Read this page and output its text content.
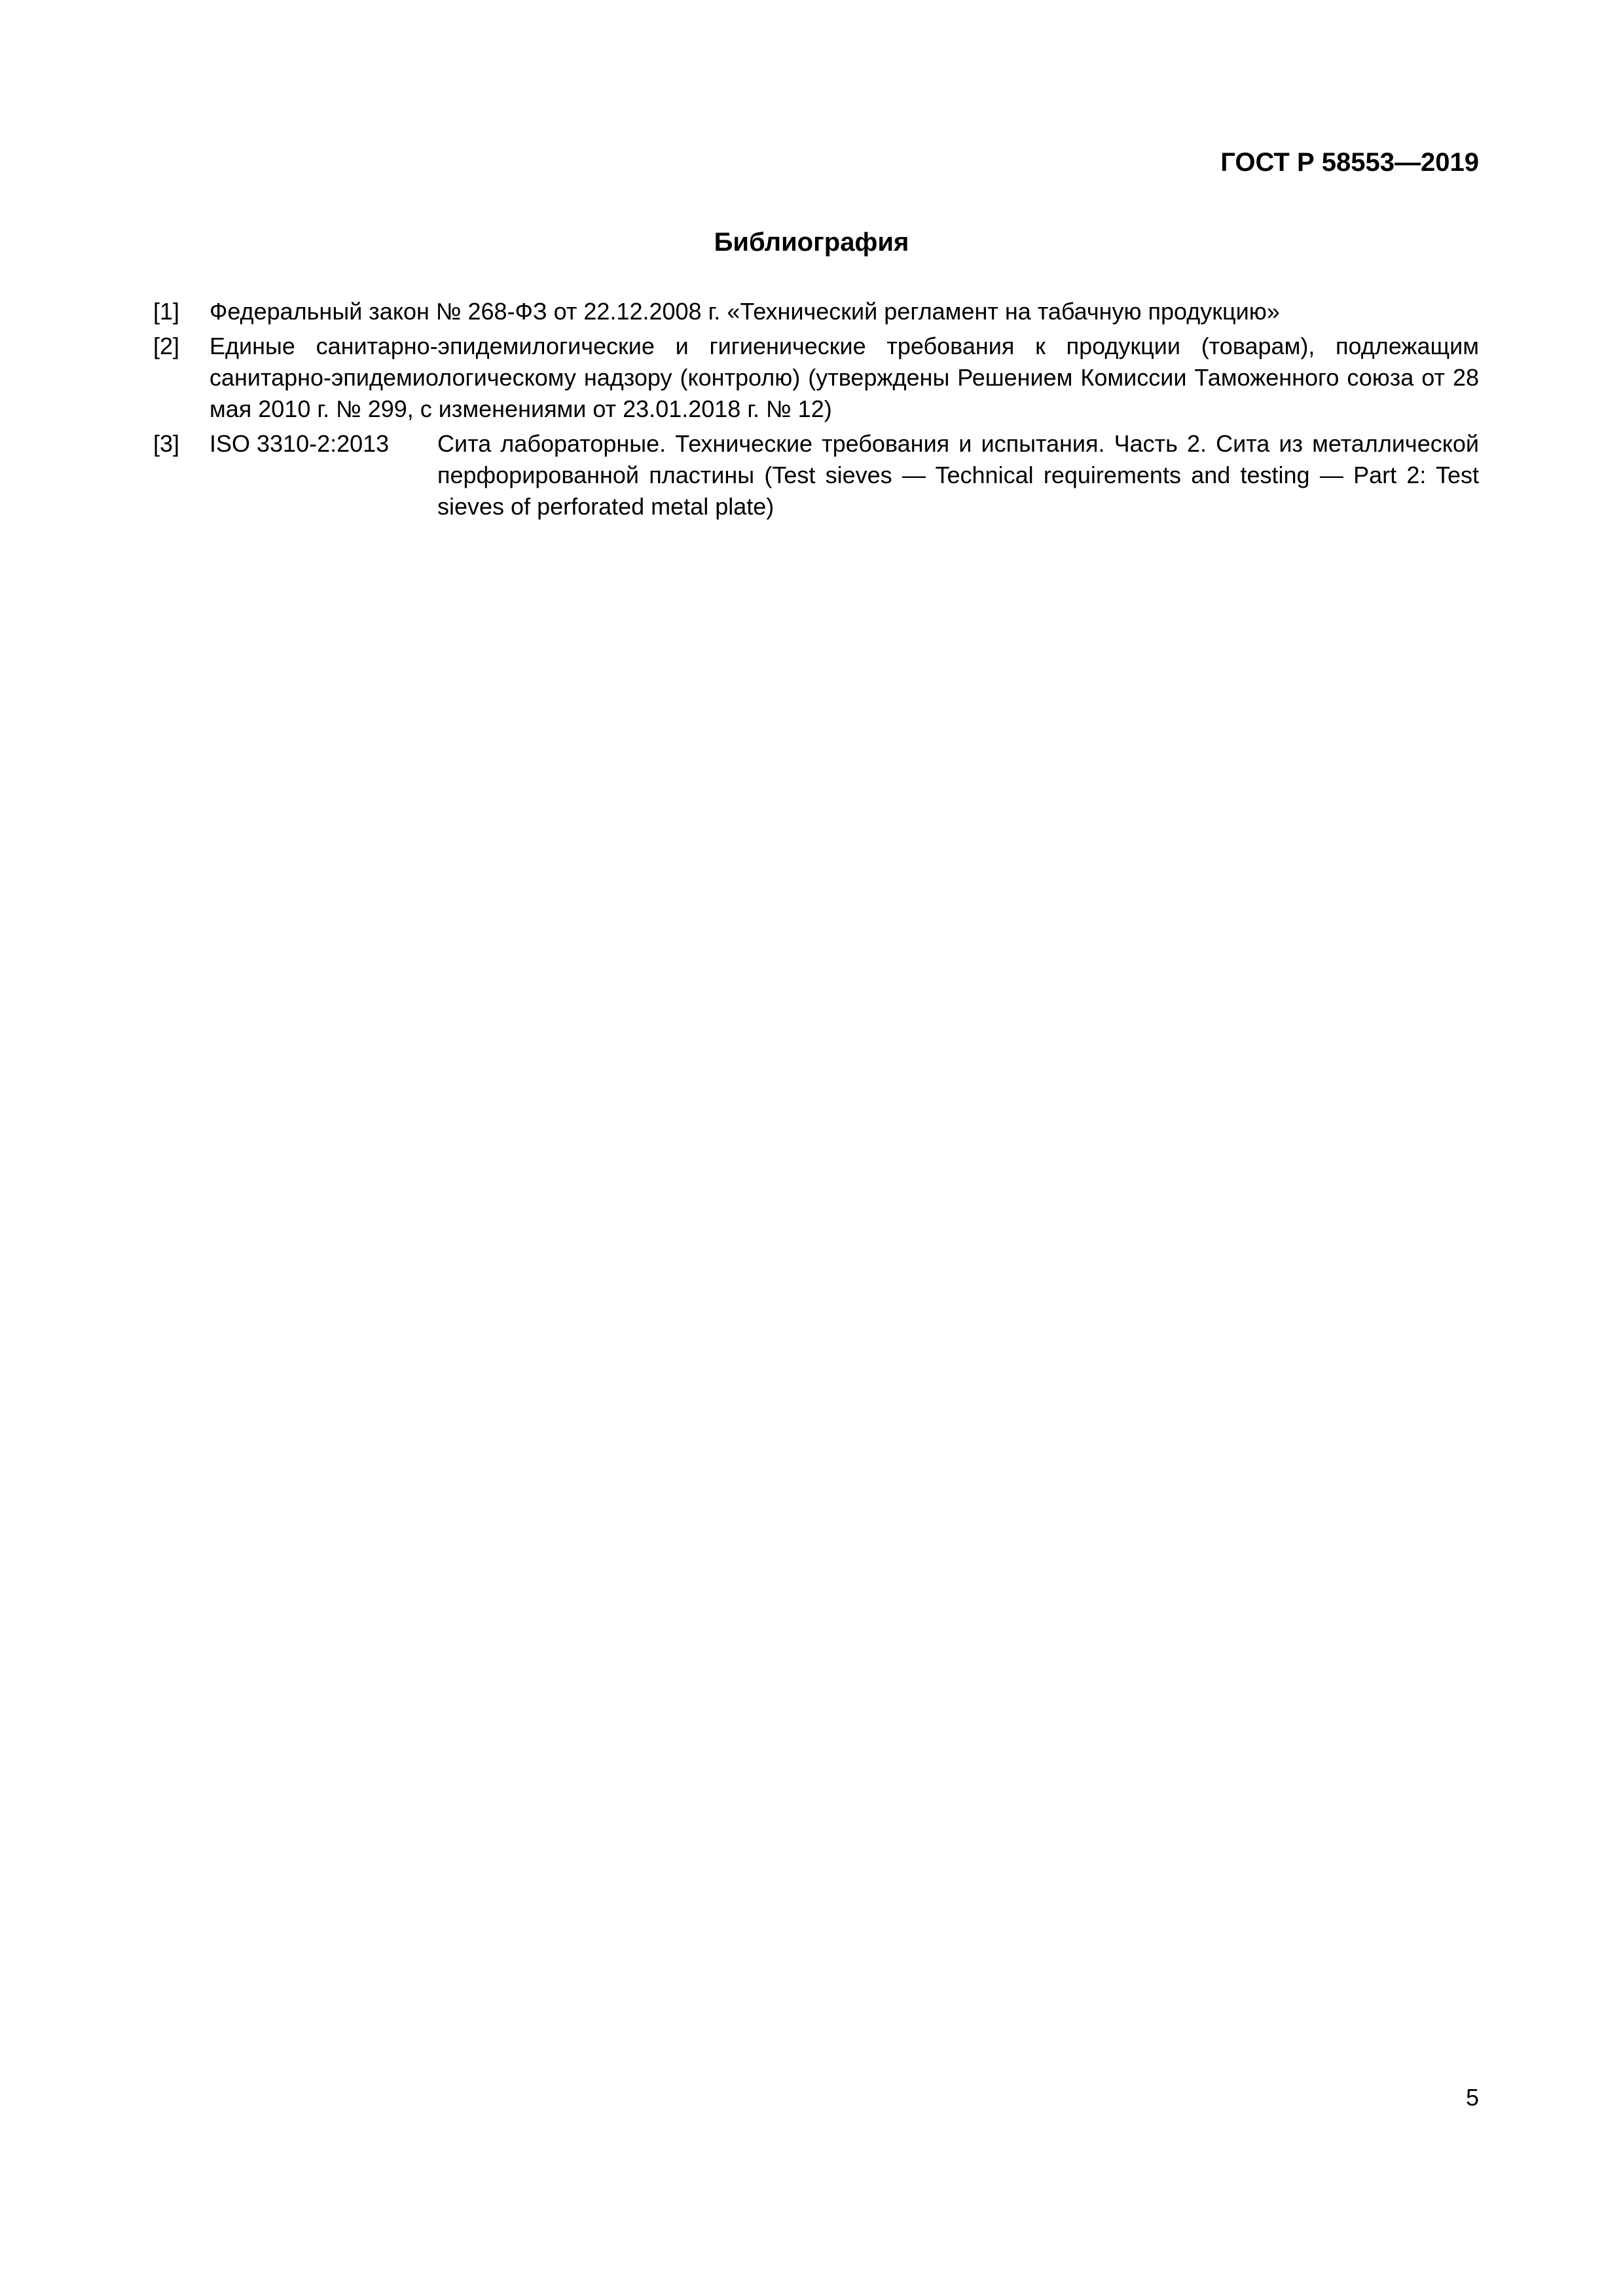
ГОСТ Р 58553—2019
Библиография
[1] Федеральный закон № 268-ФЗ от 22.12.2008 г. «Технический регламент на табачную продукцию»
[2] Единые санитарно-эпидемилогические и гигиенические требования к продукции (товарам), подлежащим санитарно-эпидемиологическому надзору (контролю) (утверждены Решением Комиссии Таможенного союза от 28 мая 2010 г. № 299, с изменениями от 23.01.2018 г. № 12)
[3] ISO 3310-2:2013 Сита лабораторные. Технические требования и испытания. Часть 2. Сита из металлической перфорированной пластины (Test sieves — Technical requirements and testing — Part 2: Test sieves of perforated metal plate)
5
